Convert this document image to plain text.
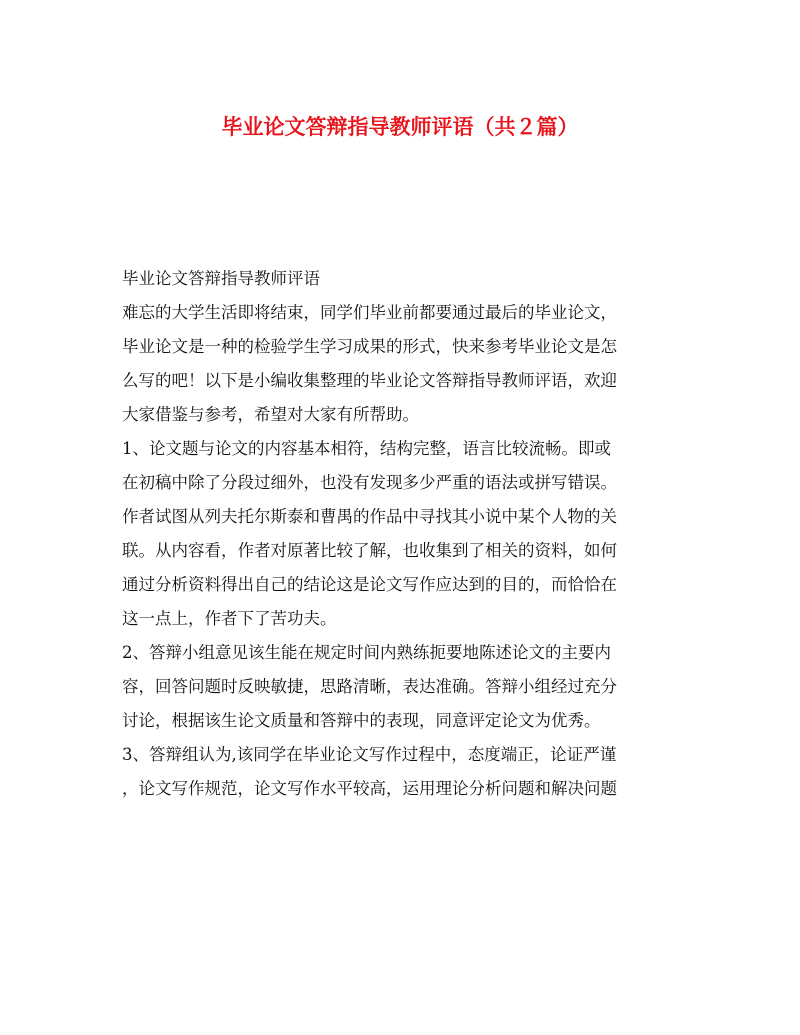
毕业论文答辩指导教师评语（共２篇）
毕业论文答辩指导教师评语
难忘的大学生活即将结束，同学们毕业前都要通过最后的毕业论文，
毕业论文是一种的检验学生学习成果的形式，快来参考毕业论文是怎
么写的吧！以下是小编收集整理的毕业论文答辩指导教师评语，欢迎
大家借鉴与参考，希望对大家有所帮助。
1、论文题与论文的内容基本相符，结构完整，语言比较流畅。即或
在初稿中除了分段过细外，也没有发现多少严重的语法或拼写错误。
作者试图从列夫托尔斯泰和曹禺的作品中寻找其小说中某个人物的关
联。从内容看，作者对原著比较了解，也收集到了相关的资料，如何
通过分析资料得出自己的结论这是论文写作应达到的目的，而恰恰在
这一点上，作者下了苦功夫。
2、答辩小组意见该生能在规定时间内熟练扼要地陈述论文的主要内
容，回答问题时反映敏捷，思路清晰，表达准确。答辩小组经过充分
讨论，根据该生论文质量和答辩中的表现，同意评定论文为优秀。
3、答辩组认为,该同学在毕业论文写作过程中，态度端正，论证严谨
，论文写作规范，论文写作水平较高，运用理论分析问题和解决问题
